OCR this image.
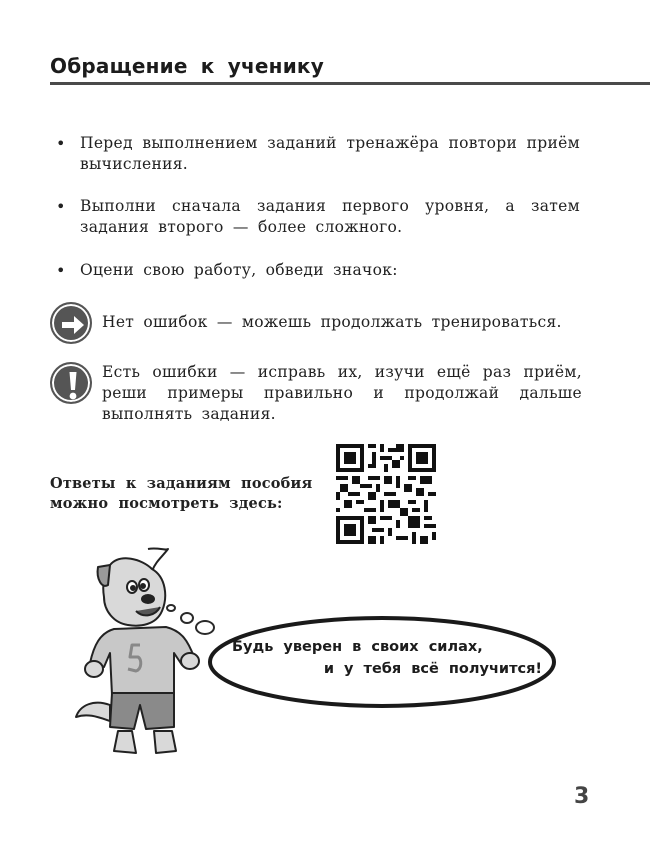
Обращение к ученику
• Перед выполнением заданий тренажёра повтори приём вычисления.
• Выполни сначала задания первого уровня, а затем задания второго — более сложного.
• Оцени свою работу, обведи значок:
Нет ошибок — можешь продолжать тренироваться.
Есть ошибки — исправь их, изучи ещё раз приём, реши примеры правильно и продолжай дальше выполнять задания.
Ответы к заданиям пособия
можно посмотреть здесь:
Будь уверен в своих силах,
и у тебя всё получится!
3
